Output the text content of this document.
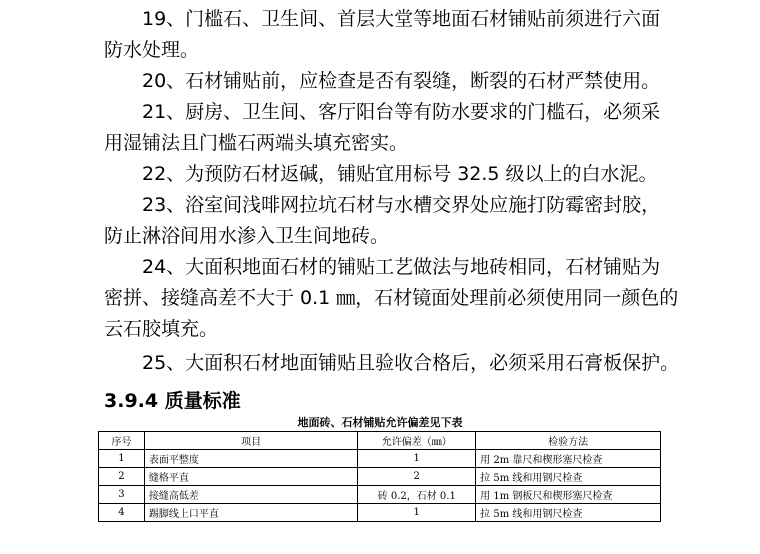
19、门槛石、卫生间、首层大堂等地面石材铺贴前须进行六面

防水处理。

20、石材铺贴前，应检查是否有裂缝，断裂的石材严禁使用。

21、厨房、卫生间、客厅阳台等有防水要求的门槛石，必须采

用湿铺法且门槛石两端头填充密实。

22、为预防石材返碱，铺贴宜用标号 32.5 级以上的白水泥。

23、浴室间浅啡网拉坑石材与水槽交界处应施打防霉密封胶，

防止淋浴间用水渗入卫生间地砖。

24、大面积地面石材的铺贴工艺做法与地砖相同，石材铺贴为

密拼、接缝高差不大于 0.1 ㎜，石材镜面处理前必须使用同一颜色的

云石胶填充。

25、大面积石材地面铺贴且验收合格后，必须采用石膏板保护。

3.9.4 质量标准
地面砖、石材铺贴允许偏差见下表
序号	项目	允许偏差（㎜）	检验方法
1	表面平整度	1	用 2m 靠尺和楔形塞尺检查
2	缝格平直	2	拉 5m 线和用钢尺检查
3	接缝高低差	砖 0.2，石材 0.1	用 1m 钢板尺和楔形塞尺检查
4	踢脚线上口平直	1	拉 5m 线和用钢尺检查
